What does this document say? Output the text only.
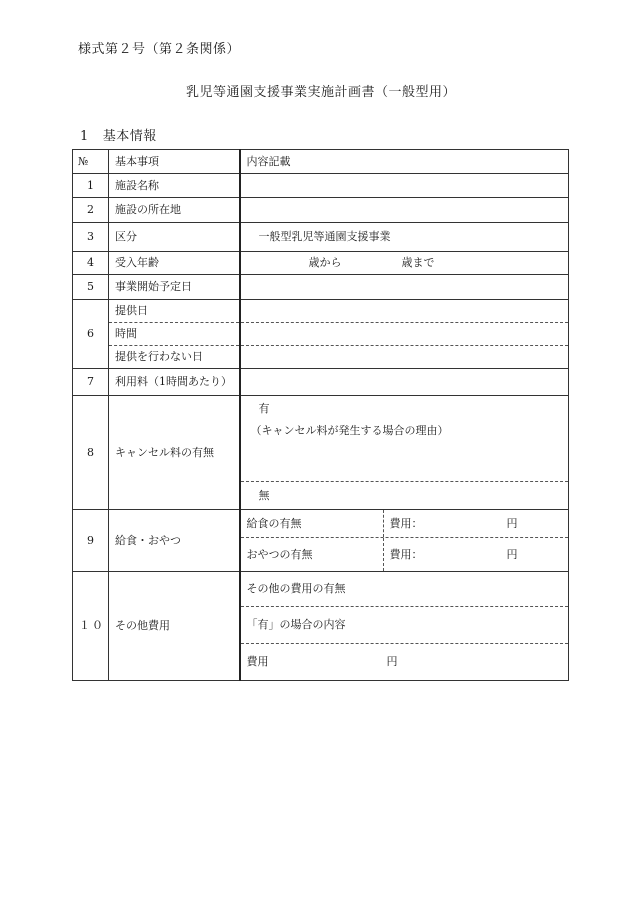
様式第２号（第２条関係）
乳児等通園支援事業実施計画書（一般型用）
1 基本情報
№	基本事項	内容記載
1	施設名称	
2	施設の所在地	
3	区分	一般型乳児等通園支援事業
4	受入年齢	歳から 歳まで
5	事業開始予定日	
6	提供日	
	時間	
	提供を行わない日	
7	利用料（1時間あたり）	
8	キャンセル料の有無	有
（キャンセル料が発生する場合の理由）
無

9	給食・おやつ	給食の有無 費用： 円

おやつの有無 費用： 円

１０	その他費用	その他の費用の有無
「有」の場合の内容
費用 円
